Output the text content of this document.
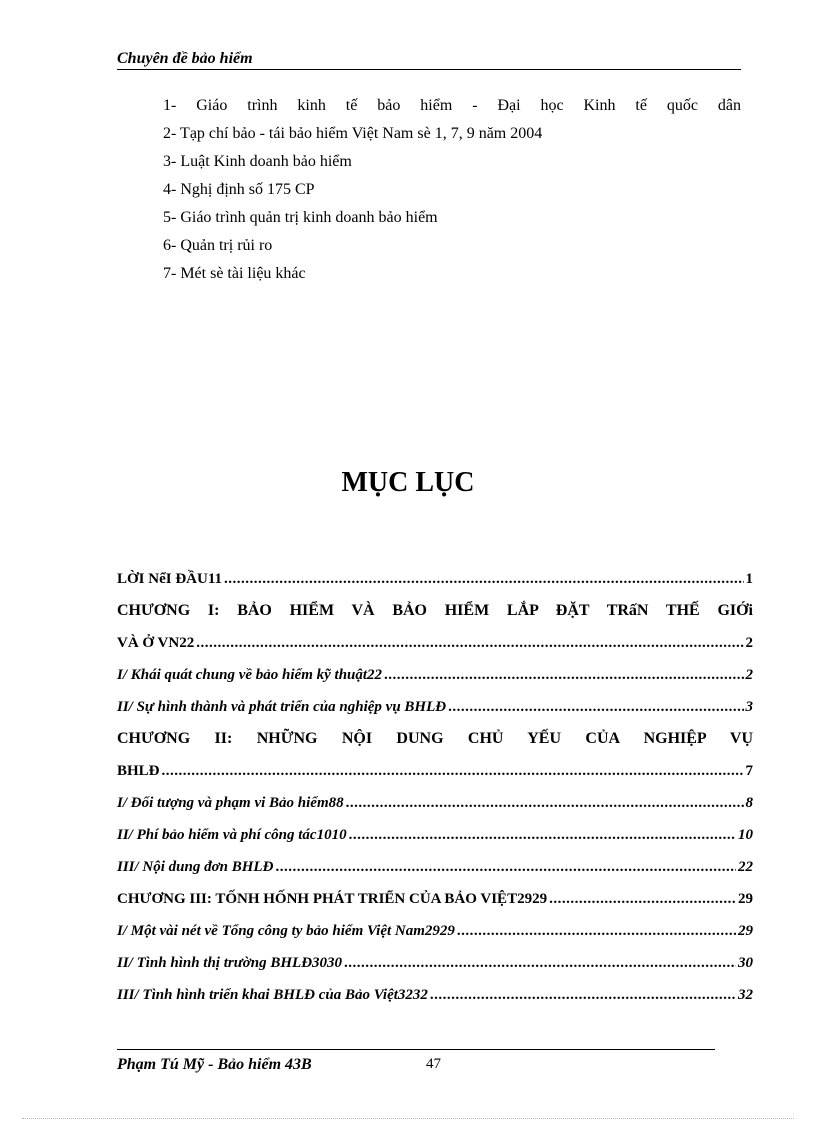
Chuyên đề bảo hiểm
1- Giáo trình kinh tế bảo hiểm - Đại học Kinh tế quốc dân
2- Tạp chí bảo - tái bảo hiểm Việt Nam sè 1, 7, 9 năm 2004
3- Luật Kinh doanh bảo hiểm
4- Nghị định số 175 CP
5- Giáo trình quản trị kinh doanh bảo hiểm
6- Quản trị rủi ro
7- Mét sè tài liệu khác
MỤC LỤC
LỜI NểI ĐẦU11 .....	1
CHƯƠNG I: BẢO HIỂM VÀ BẢO HIỂM LẮP ĐẶT TRấN THẾ GIỚi
VÀ Ở VN22 .....	2
I/ Khái quát chung về bảo hiểm kỹ thuật22 .....	2
II/ Sự hình thành và phát triển của nghiệp vụ BHLĐ .....	3
CHƯƠNG II: NHỮNG NỘI DUNG CHỦ YẾU CỦA NGHIỆP VỤ
BHLĐ .....	7
I/ Đối tượng và phạm vi Bảo hiểm88 .....	8
II/ Phí bảo hiểm và phí công tác1010 .....	10
III/ Nội dung đơn BHLĐ .....	22
CHƯƠNG III: TỐNH HỐNH PHÁT TRIỂN CỦA BẢO VIỆT2929 .....	29
I/ Một vài nét về Tổng công ty bảo hiểm Việt Nam2929 .....	29
II/ Tình hình thị trường BHLĐ3030 .....	30
III/ Tình hình triển khai BHLĐ của Bảo Việt3232 .....	32
Phạm Tú Mỹ - Bảo hiểm 43B	47
